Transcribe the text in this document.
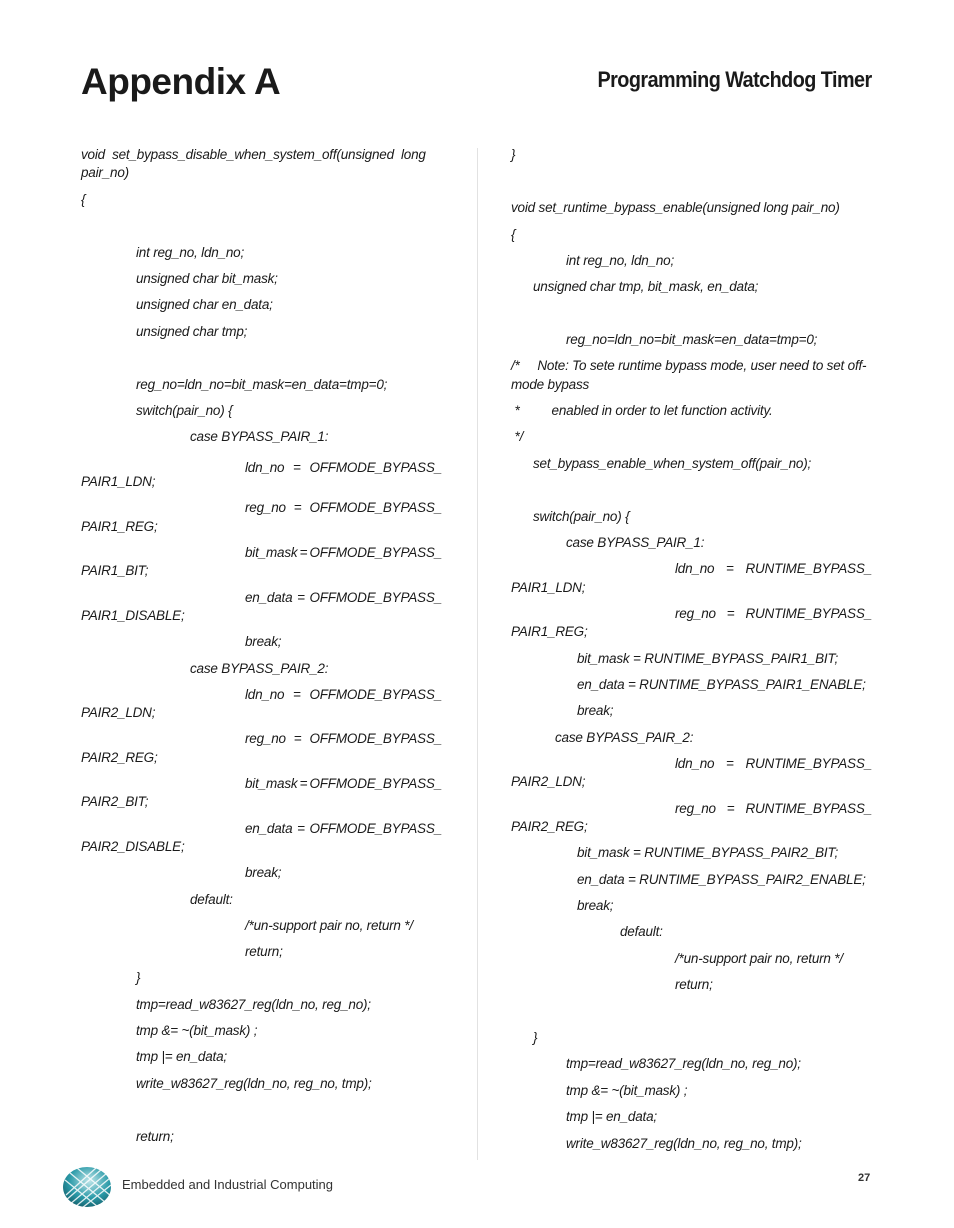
Appendix A	Programming Watchdog Timer
void  set_bypass_disable_when_system_off(unsigned  long
pair_no)
{
int reg_no, ldn_no;
unsigned char bit_mask;
unsigned char en_data;
unsigned char tmp;
reg_no=ldn_no=bit_mask=en_data=tmp=0;
switch(pair_no) {
case BYPASS_PAIR_1:
ldn_no = OFFMODE_BYPASS_
PAIR1_LDN;
reg_no = OFFMODE_BYPASS_
PAIR1_REG;
bit_mask = OFFMODE_BYPASS_
PAIR1_BIT;
en_data = OFFMODE_BYPASS_
PAIR1_DISABLE;
break;
case BYPASS_PAIR_2:
ldn_no = OFFMODE_BYPASS_
PAIR2_LDN;
reg_no = OFFMODE_BYPASS_
PAIR2_REG;
bit_mask = OFFMODE_BYPASS_
PAIR2_BIT;
en_data = OFFMODE_BYPASS_
PAIR2_DISABLE;
break;
default:
/*un-support pair no, return */
return;
}
tmp=read_w83627_reg(ldn_no, reg_no);
tmp &= ~(bit_mask) ;
tmp |= en_data;
write_w83627_reg(ldn_no, reg_no, tmp);
return;
}
void set_runtime_bypass_enable(unsigned long pair_no)
{
int reg_no, ldn_no;
unsigned char tmp, bit_mask, en_data;
reg_no=ldn_no=bit_mask=en_data=tmp=0;
/*     Note: To sete runtime bypass mode, user need to set off-
mode bypass
*         enabled in order to let function activity.
*/
set_bypass_enable_when_system_off(pair_no);
switch(pair_no) {
case BYPASS_PAIR_1:
ldn_no = RUNTIME_BYPASS_
PAIR1_LDN;
reg_no = RUNTIME_BYPASS_
PAIR1_REG;
bit_mask = RUNTIME_BYPASS_PAIR1_BIT;
en_data = RUNTIME_BYPASS_PAIR1_ENABLE;
break;
case BYPASS_PAIR_2:
ldn_no = RUNTIME_BYPASS_
PAIR2_LDN;
reg_no = RUNTIME_BYPASS_
PAIR2_REG;
bit_mask = RUNTIME_BYPASS_PAIR2_BIT;
en_data = RUNTIME_BYPASS_PAIR2_ENABLE;
break;
default:
/*un-support pair no, return */
return;
}
tmp=read_w83627_reg(ldn_no, reg_no);
tmp &= ~(bit_mask) ;
tmp |= en_data;
write_w83627_reg(ldn_no, reg_no, tmp);
Embedded and Industrial Computing	27
